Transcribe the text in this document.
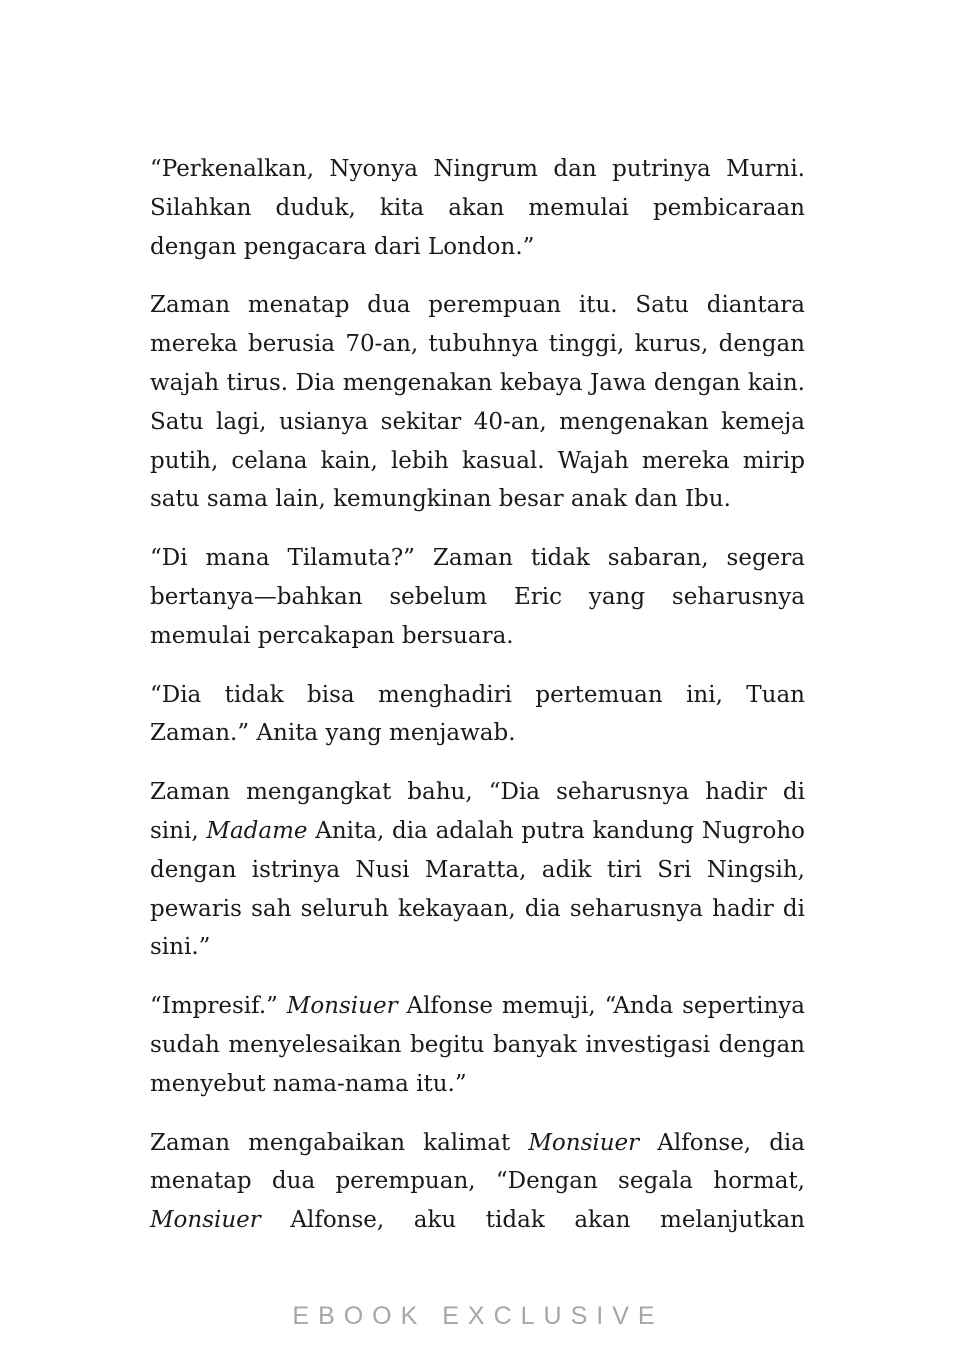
“Perkenalkan, Nyonya Ningrum dan putrinya Murni. Silahkan duduk, kita akan memulai pembicaraan dengan pengacara dari London.”

Zaman menatap dua perempuan itu. Satu diantara mereka berusia 70-an, tubuhnya tinggi, kurus, dengan wajah tirus. Dia mengenakan kebaya Jawa dengan kain. Satu lagi, usianya sekitar 40-an, mengenakan kemeja putih, celana kain, lebih kasual. Wajah mereka mirip satu sama lain, kemungkinan besar anak dan Ibu.

“Di mana Tilamuta?” Zaman tidak sabaran, segera bertanya—bahkan sebelum Eric yang seharusnya memulai percakapan bersuara.

“Dia tidak bisa menghadiri pertemuan ini, Tuan Zaman.” Anita yang menjawab.

Zaman mengangkat bahu, “Dia seharusnya hadir di sini, Madame Anita, dia adalah putra kandung Nugroho dengan istrinya Nusi Maratta, adik tiri Sri Ningsih, pewaris sah seluruh kekayaan, dia seharusnya hadir di sini.”

“Impresif.” Monsiuer Alfonse memuji, “Anda sepertinya sudah menyelesaikan begitu banyak investigasi dengan menyebut nama-nama itu.”

Zaman mengabaikan kalimat Monsiuer Alfonse, dia menatap dua perempuan, “Dengan segala hormat, Monsiuer Alfonse, aku tidak akan melanjutkan

EBOOK EXCLUSIVE
